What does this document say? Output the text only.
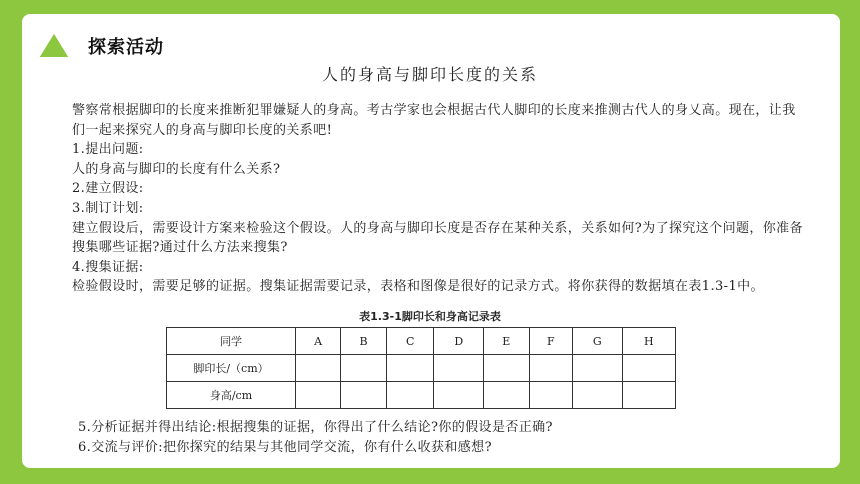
探索活动
人的身高与脚印长度的关系

警察常根据脚印的长度来推断犯罪嫌疑人的身高。考古学家也会根据古代人脚印的长度来推测古代人的身乂高。现在，让我们一起来探究人的身高与脚印长度的关系吧!

1.提出问题:

人的身高与脚印的长度有什么关系?

2.建立假设:

3.制订计划:

建立假设后，需要设计方案来检验这个假设。人的身高与脚印长度是否存在某种关系，关系如何?为了探究这个问题，你准备搜集哪些证据?通过什么方法来搜集?

4.搜集证据:

检验假设时，需要足够的证据。搜集证据需要记录，表格和图像是很好的记录方式。将你获得的数据填在表1.3-1中。

表1.3-1脚印长和身高记录表
同学	A	B	C	D	E	F	G	H
脚印长/（cm）								
身高/cm								

5.分析证据并得出结论:根据搜集的证据，你得出了什么结论?你的假设是否正确?

6.交流与评价:把你探究的结果与其他同学交流，你有什么收获和感想?
